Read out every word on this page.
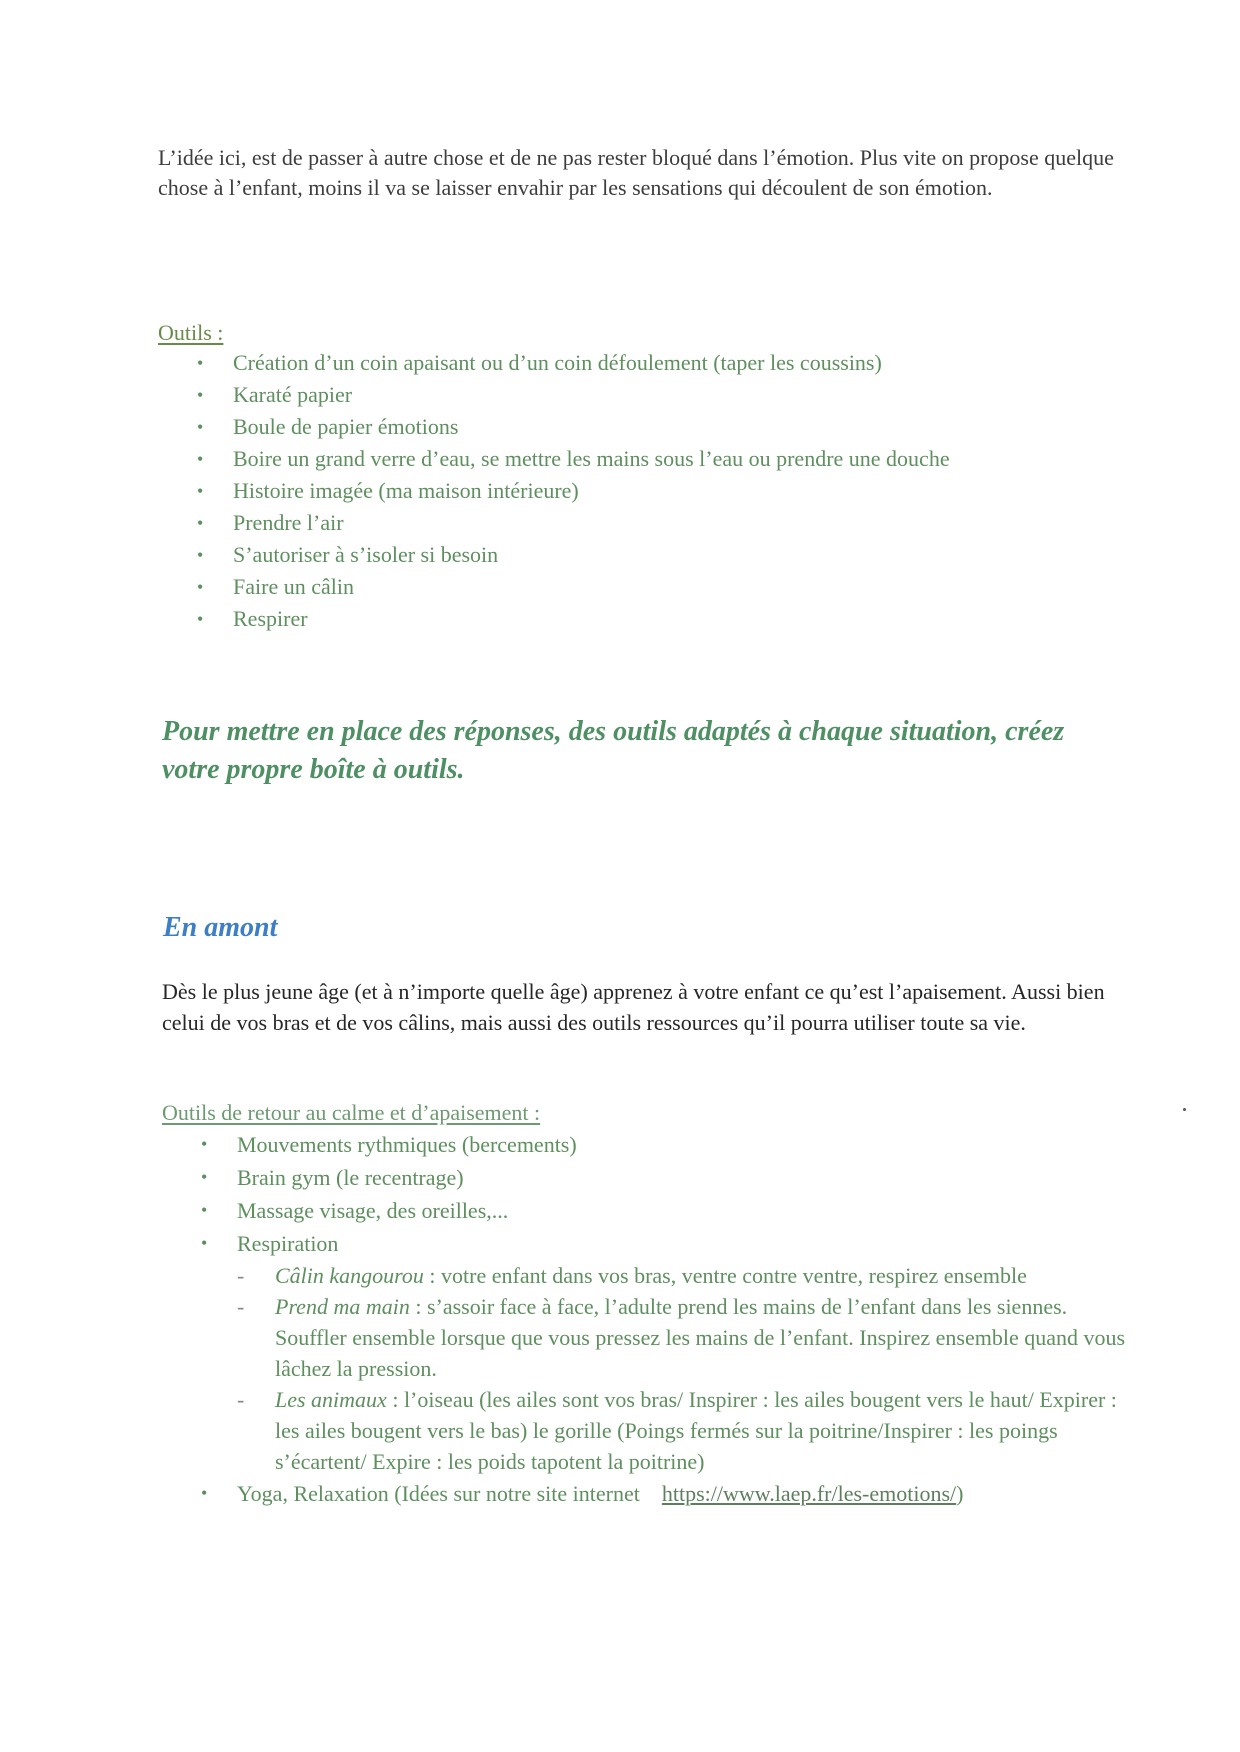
L’idée ici, est de passer à autre chose et de ne pas rester bloqué dans l’émotion. Plus vite on propose quelque chose à l’enfant, moins il va se laisser envahir par les sensations qui découlent de son émotion.

Outils :

• Création d’un coin apaisant ou d’un coin défoulement (taper les coussins)
• Karaté papier
• Boule de papier émotions
• Boire un grand verre d’eau, se mettre les mains sous l’eau ou prendre une douche
• Histoire imagée (ma maison intérieure)
• Prendre l’air
• S’autoriser à s’isoler si besoin
• Faire un câlin
• Respirer

Pour mettre en place des réponses, des outils adaptés à chaque situation, créez votre propre boîte à outils.

En amont

Dès le plus jeune âge (et à n’importe quelle âge) apprenez à votre enfant ce qu’est l’apaisement. Aussi bien celui de vos bras et de vos câlins, mais aussi des outils ressources qu’il pourra utiliser toute sa vie.

Outils de retour au calme et d’apaisement :

• Mouvements rythmiques (bercements)
• Brain gym (le recentrage)
• Massage visage, des oreilles,...
• Respiration
- Câlin kangourou : votre enfant dans vos bras, ventre contre ventre, respirez ensemble
- Prend ma main : s’assoir face à face, l’adulte prend les mains de l’enfant dans les siennes. Souffler ensemble lorsque que vous pressez les mains de l’enfant. Inspirez ensemble quand vous lâchez la pression.
- Les animaux : l’oiseau (les ailes sont vos bras/ Inspirer : les ailes bougent vers le haut/ Expirer : les ailes bougent vers le bas) le gorille (Poings fermés sur la poitrine/Inspirer : les poings s’écartent/ Expire : les poids tapotent la poitrine)
• Yoga, Relaxation (Idées sur notre site internet https://www.laep.fr/les-emotions/)
